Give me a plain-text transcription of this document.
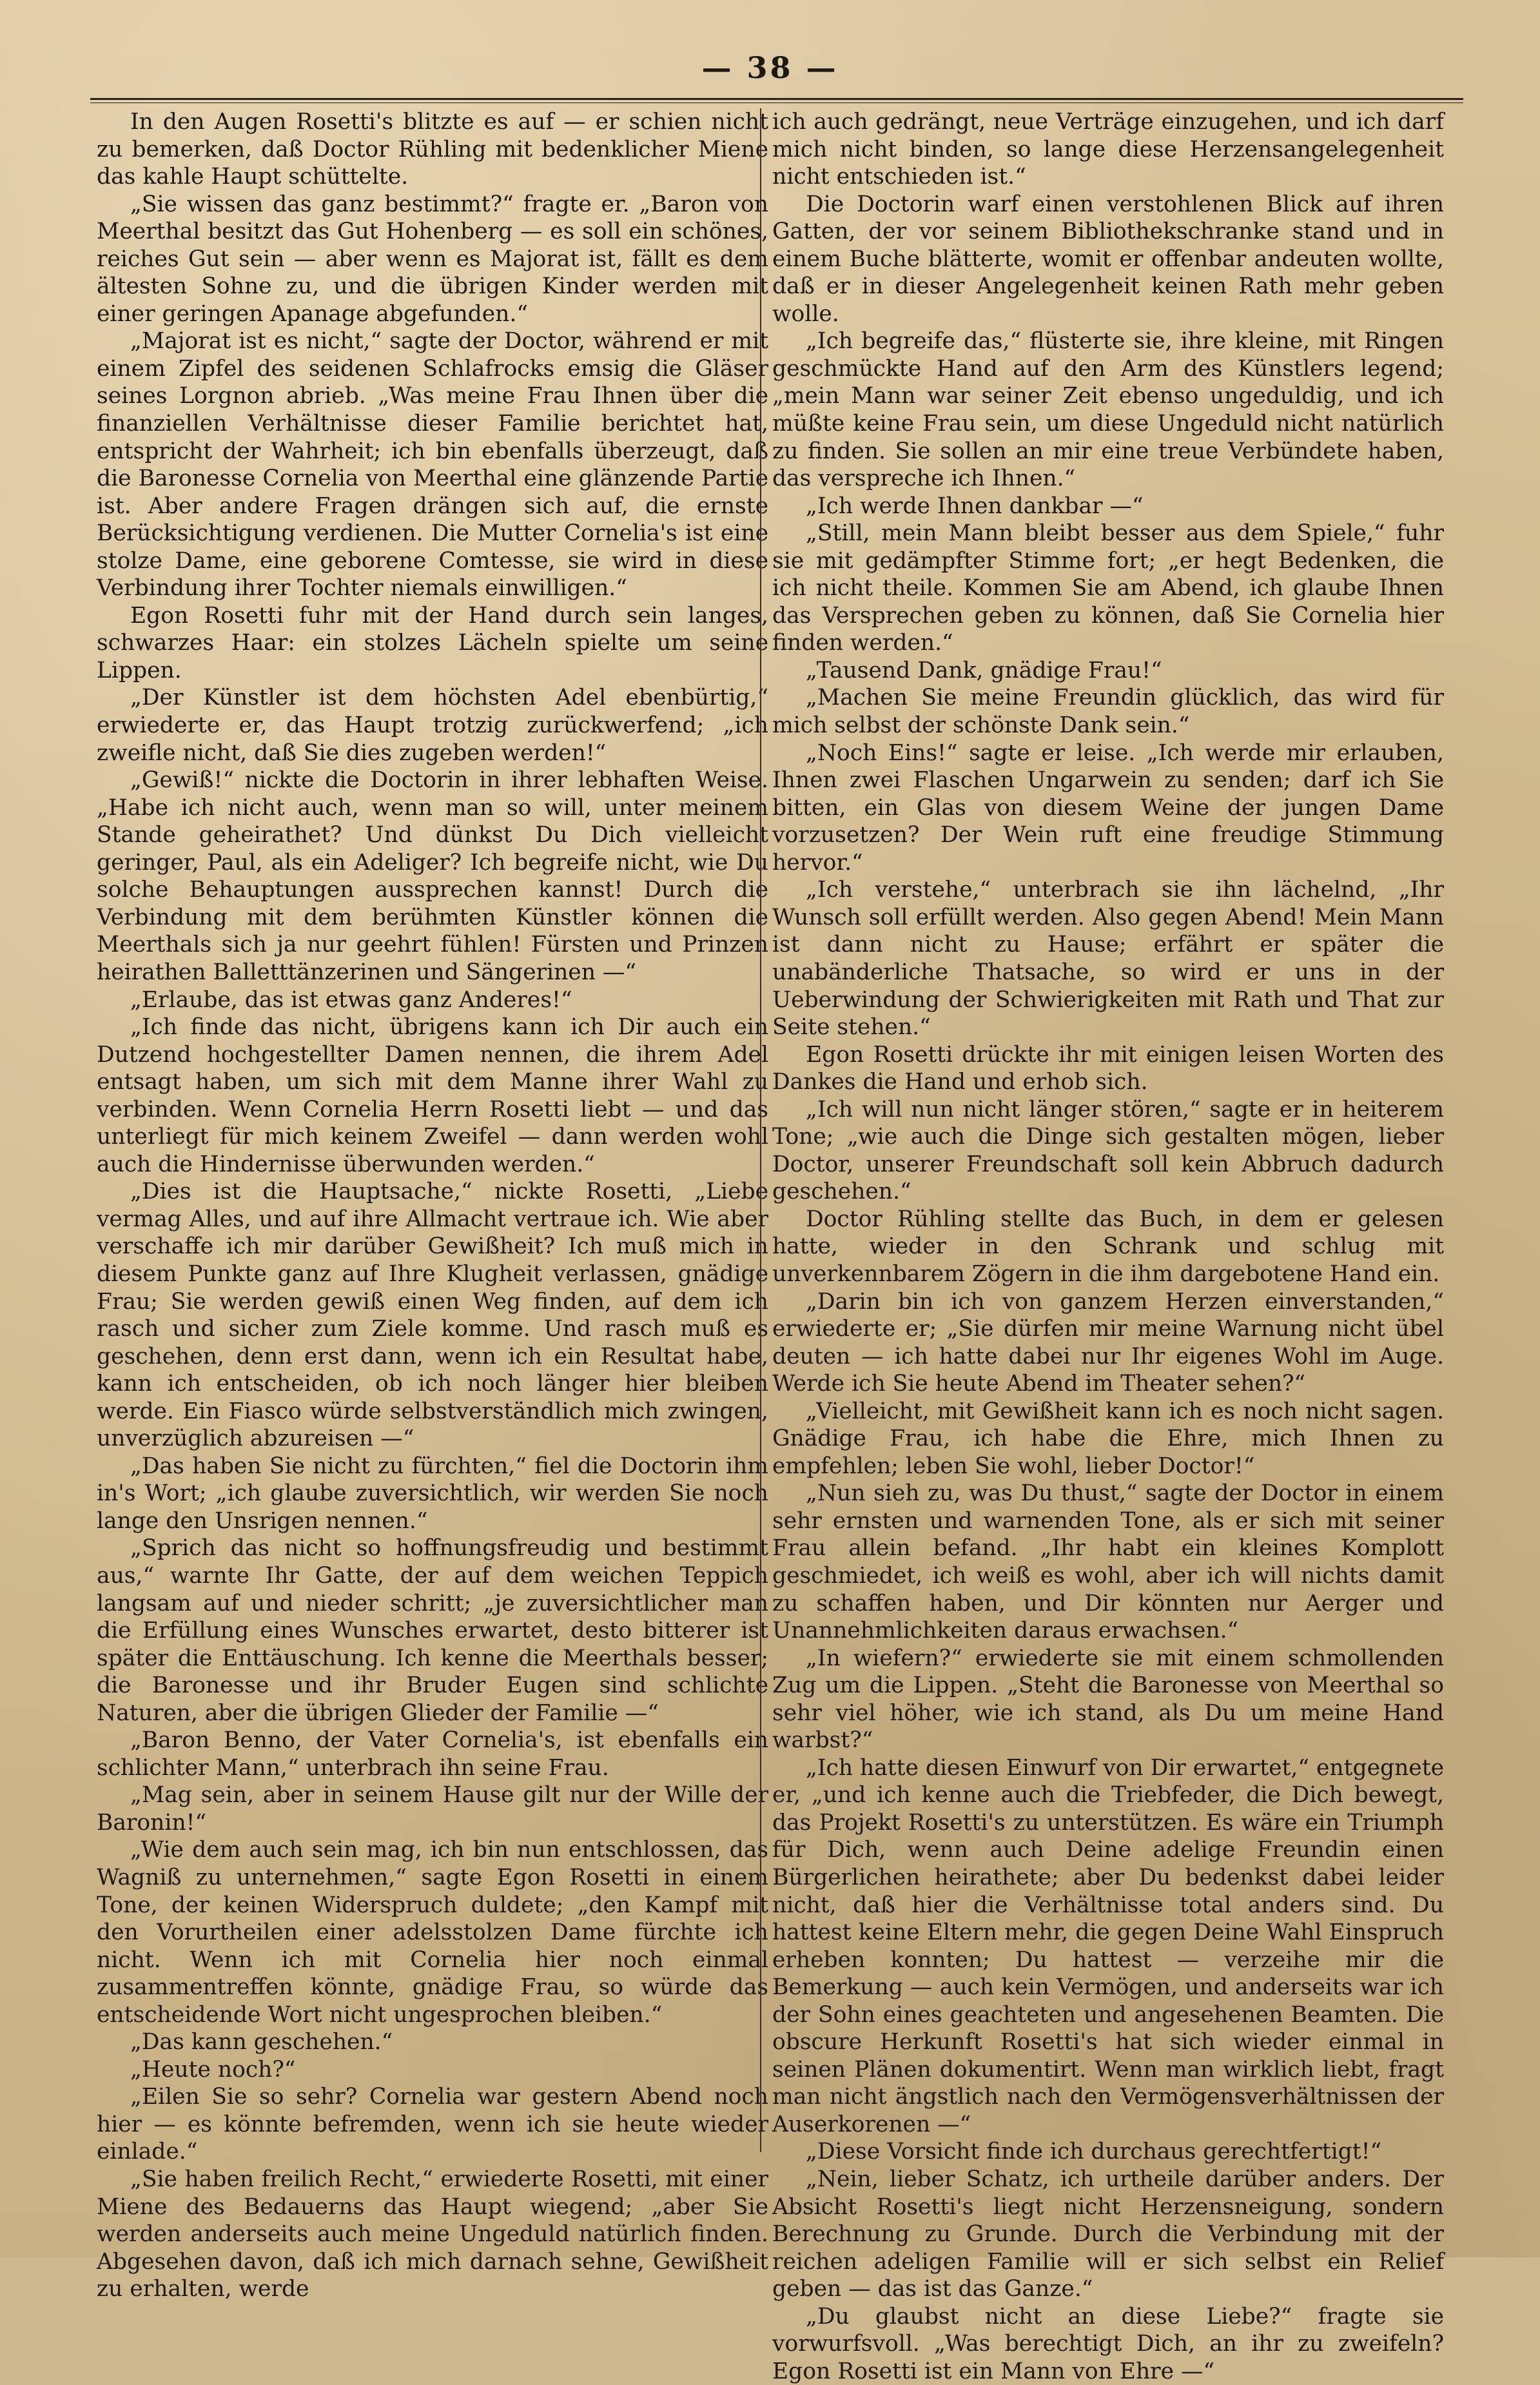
— 38 —

In den Augen Rosetti's blitzte es auf — er schien nicht zu bemerken, daß Doctor Rühling mit bedenklicher Miene das kahle Haupt schüttelte.

„Sie wissen das ganz bestimmt?“ fragte er. „Baron von Meerthal besitzt das Gut Hohenberg — es soll ein schönes, reiches Gut sein — aber wenn es Majorat ist, fällt es dem ältesten Sohne zu, und die übrigen Kinder werden mit einer geringen Apanage abgefunden.“

„Majorat ist es nicht,“ sagte der Doctor, während er mit einem Zipfel des seidenen Schlafrocks emsig die Gläser seines Lorgnon abrieb. „Was meine Frau Ihnen über die finanziellen Verhältnisse dieser Familie berichtet hat, entspricht der Wahrheit; ich bin ebenfalls überzeugt, daß die Baronesse Cornelia von Meerthal eine glänzende Partie ist. Aber andere Fragen drängen sich auf, die ernste Berücksichtigung verdienen. Die Mutter Cornelia's ist eine stolze Dame, eine geborene Comtesse, sie wird in diese Verbindung ihrer Tochter niemals einwilligen.“

Egon Rosetti fuhr mit der Hand durch sein langes, schwarzes Haar: ein stolzes Lächeln spielte um seine Lippen.

„Der Künstler ist dem höchsten Adel ebenbürtig,“ erwiederte er, das Haupt trotzig zurückwerfend; „ich zweifle nicht, daß Sie dies zugeben werden!“

„Gewiß!“ nickte die Doctorin in ihrer lebhaften Weise. „Habe ich nicht auch, wenn man so will, unter meinem Stande geheirathet? Und dünkst Du Dich vielleicht geringer, Paul, als ein Adeliger? Ich begreife nicht, wie Du solche Behauptungen aussprechen kannst! Durch die Verbindung mit dem berühmten Künstler können die Meerthals sich ja nur geehrt fühlen! Fürsten und Prinzen heirathen Balletttänzerinen und Sängerinen —“

„Erlaube, das ist etwas ganz Anderes!“

„Ich finde das nicht, übrigens kann ich Dir auch ein Dutzend hochgestellter Damen nennen, die ihrem Adel entsagt haben, um sich mit dem Manne ihrer Wahl zu verbinden. Wenn Cornelia Herrn Rosetti liebt — und das unterliegt für mich keinem Zweifel — dann werden wohl auch die Hindernisse überwunden werden.“

„Dies ist die Hauptsache,“ nickte Rosetti, „Liebe vermag Alles, und auf ihre Allmacht vertraue ich. Wie aber verschaffe ich mir darüber Gewißheit? Ich muß mich in diesem Punkte ganz auf Ihre Klugheit verlassen, gnädige Frau; Sie werden gewiß einen Weg finden, auf dem ich rasch und sicher zum Ziele komme. Und rasch muß es geschehen, denn erst dann, wenn ich ein Resultat habe, kann ich entscheiden, ob ich noch länger hier bleiben werde. Ein Fiasco würde selbstverständlich mich zwingen, unverzüglich abzureisen —“

„Das haben Sie nicht zu fürchten,“ fiel die Doctorin ihm in's Wort; „ich glaube zuversichtlich, wir werden Sie noch lange den Unsrigen nennen.“

„Sprich das nicht so hoffnungsfreudig und bestimmt aus,“ warnte Ihr Gatte, der auf dem weichen Teppich langsam auf und nieder schritt; „je zuversichtlicher man die Erfüllung eines Wunsches erwartet, desto bitterer ist später die Enttäuschung. Ich kenne die Meerthals besser; die Baronesse und ihr Bruder Eugen sind schlichte Naturen, aber die übrigen Glieder der Familie —“

„Baron Benno, der Vater Cornelia's, ist ebenfalls ein schlichter Mann,“ unterbrach ihn seine Frau.

„Mag sein, aber in seinem Hause gilt nur der Wille der Baronin!“

„Wie dem auch sein mag, ich bin nun entschlossen, das Wagniß zu unternehmen,“ sagte Egon Rosetti in einem Tone, der keinen Widerspruch duldete; „den Kampf mit den Vorurtheilen einer adelsstolzen Dame fürchte ich nicht. Wenn ich mit Cornelia hier noch einmal zusammentreffen könnte, gnädige Frau, so würde das entscheidende Wort nicht ungesprochen bleiben.“

„Das kann geschehen.“

„Heute noch?“

„Eilen Sie so sehr? Cornelia war gestern Abend noch hier — es könnte befremden, wenn ich sie heute wieder einlade.“

„Sie haben freilich Recht,“ erwiederte Rosetti, mit einer Miene des Bedauerns das Haupt wiegend; „aber Sie werden anderseits auch meine Ungeduld natürlich finden. Abgesehen davon, daß ich mich darnach sehne, Gewißheit zu erhalten, werde

ich auch gedrängt, neue Verträge einzugehen, und ich darf mich nicht binden, so lange diese Herzensangelegenheit nicht entschieden ist.“

Die Doctorin warf einen verstohlenen Blick auf ihren Gatten, der vor seinem Bibliothekschranke stand und in einem Buche blätterte, womit er offenbar andeuten wollte, daß er in dieser Angelegenheit keinen Rath mehr geben wolle.

„Ich begreife das,“ flüsterte sie, ihre kleine, mit Ringen geschmückte Hand auf den Arm des Künstlers legend; „mein Mann war seiner Zeit ebenso ungeduldig, und ich müßte keine Frau sein, um diese Ungeduld nicht natürlich zu finden. Sie sollen an mir eine treue Verbündete haben, das verspreche ich Ihnen.“

„Ich werde Ihnen dankbar —“

„Still, mein Mann bleibt besser aus dem Spiele,“ fuhr sie mit gedämpfter Stimme fort; „er hegt Bedenken, die ich nicht theile. Kommen Sie am Abend, ich glaube Ihnen das Versprechen geben zu können, daß Sie Cornelia hier finden werden.“

„Tausend Dank, gnädige Frau!“

„Machen Sie meine Freundin glücklich, das wird für mich selbst der schönste Dank sein.“

„Noch Eins!“ sagte er leise. „Ich werde mir erlauben, Ihnen zwei Flaschen Ungarwein zu senden; darf ich Sie bitten, ein Glas von diesem Weine der jungen Dame vorzusetzen? Der Wein ruft eine freudige Stimmung hervor.“

„Ich verstehe,“ unterbrach sie ihn lächelnd, „Ihr Wunsch soll erfüllt werden. Also gegen Abend! Mein Mann ist dann nicht zu Hause; erfährt er später die unabänderliche Thatsache, so wird er uns in der Ueberwindung der Schwierigkeiten mit Rath und That zur Seite stehen.“

Egon Rosetti drückte ihr mit einigen leisen Worten des Dankes die Hand und erhob sich.

„Ich will nun nicht länger stören,“ sagte er in heiterem Tone; „wie auch die Dinge sich gestalten mögen, lieber Doctor, unserer Freundschaft soll kein Abbruch dadurch geschehen.“

Doctor Rühling stellte das Buch, in dem er gelesen hatte, wieder in den Schrank und schlug mit unverkennbarem Zögern in die ihm dargebotene Hand ein.

„Darin bin ich von ganzem Herzen einverstanden,“ erwiederte er; „Sie dürfen mir meine Warnung nicht übel deuten — ich hatte dabei nur Ihr eigenes Wohl im Auge. Werde ich Sie heute Abend im Theater sehen?“

„Vielleicht, mit Gewißheit kann ich es noch nicht sagen. Gnädige Frau, ich habe die Ehre, mich Ihnen zu empfehlen; leben Sie wohl, lieber Doctor!“

„Nun sieh zu, was Du thust,“ sagte der Doctor in einem sehr ernsten und warnenden Tone, als er sich mit seiner Frau allein befand. „Ihr habt ein kleines Komplott geschmiedet, ich weiß es wohl, aber ich will nichts damit zu schaffen haben, und Dir könnten nur Aerger und Unannehmlichkeiten daraus erwachsen.“

„In wiefern?“ erwiederte sie mit einem schmollenden Zug um die Lippen. „Steht die Baronesse von Meerthal so sehr viel höher, wie ich stand, als Du um meine Hand warbst?“

„Ich hatte diesen Einwurf von Dir erwartet,“ entgegnete er, „und ich kenne auch die Triebfeder, die Dich bewegt, das Projekt Rosetti's zu unterstützen. Es wäre ein Triumph für Dich, wenn auch Deine adelige Freundin einen Bürgerlichen heirathete; aber Du bedenkst dabei leider nicht, daß hier die Verhältnisse total anders sind. Du hattest keine Eltern mehr, die gegen Deine Wahl Einspruch erheben konnten; Du hattest — verzeihe mir die Bemerkung — auch kein Vermögen, und anderseits war ich der Sohn eines geachteten und angesehenen Beamten. Die obscure Herkunft Rosetti's hat sich wieder einmal in seinen Plänen dokumentirt. Wenn man wirklich liebt, fragt man nicht ängstlich nach den Vermögensverhältnissen der Auserkorenen —“

„Diese Vorsicht finde ich durchaus gerechtfertigt!“

„Nein, lieber Schatz, ich urtheile darüber anders. Der Absicht Rosetti's liegt nicht Herzensneigung, sondern Berechnung zu Grunde. Durch die Verbindung mit der reichen adeligen Familie will er sich selbst ein Relief geben — das ist das Ganze.“

„Du glaubst nicht an diese Liebe?“ fragte sie vorwurfsvoll. „Was berechtigt Dich, an ihr zu zweifeln? Egon Rosetti ist ein Mann von Ehre —“
